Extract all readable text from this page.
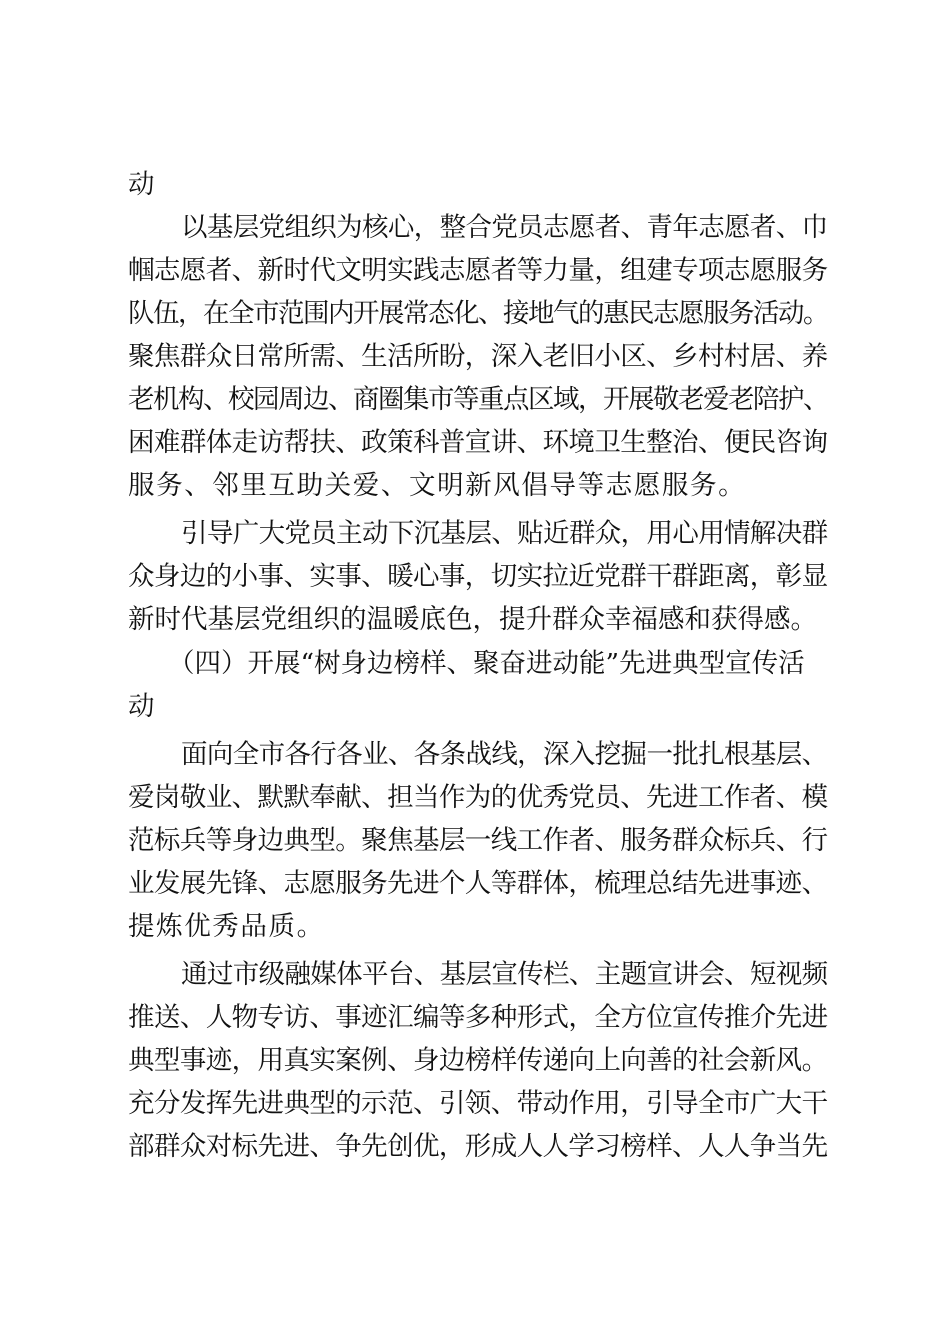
动
以基层党组织为核心，整合党员志愿者、青年志愿者、巾
帼志愿者、新时代文明实践志愿者等力量，组建专项志愿服务
队伍，在全市范围内开展常态化、接地气的惠民志愿服务活动。
聚焦群众日常所需、生活所盼，深入老旧小区、乡村村居、养
老机构、校园周边、商圈集市等重点区域，开展敬老爱老陪护、
困难群体走访帮扶、政策科普宣讲、环境卫生整治、便民咨询
服务、邻里互助关爱、文明新风倡导等志愿服务。
引导广大党员主动下沉基层、贴近群众，用心用情解决群
众身边的小事、实事、暖心事，切实拉近党群干群距离，彰显
新时代基层党组织的温暖底色，提升群众幸福感和获得感。
（四）开展“树身边榜样、聚奋进动能”先进典型宣传活
动
面向全市各行各业、各条战线，深入挖掘一批扎根基层、
爱岗敬业、默默奉献、担当作为的优秀党员、先进工作者、模
范标兵等身边典型。聚焦基层一线工作者、服务群众标兵、行
业发展先锋、志愿服务先进个人等群体，梳理总结先进事迹、
提炼优秀品质。
通过市级融媒体平台、基层宣传栏、主题宣讲会、短视频
推送、人物专访、事迹汇编等多种形式，全方位宣传推介先进
典型事迹，用真实案例、身边榜样传递向上向善的社会新风。
充分发挥先进典型的示范、引领、带动作用，引导全市广大干
部群众对标先进、争先创优，形成人人学习榜样、人人争当先
